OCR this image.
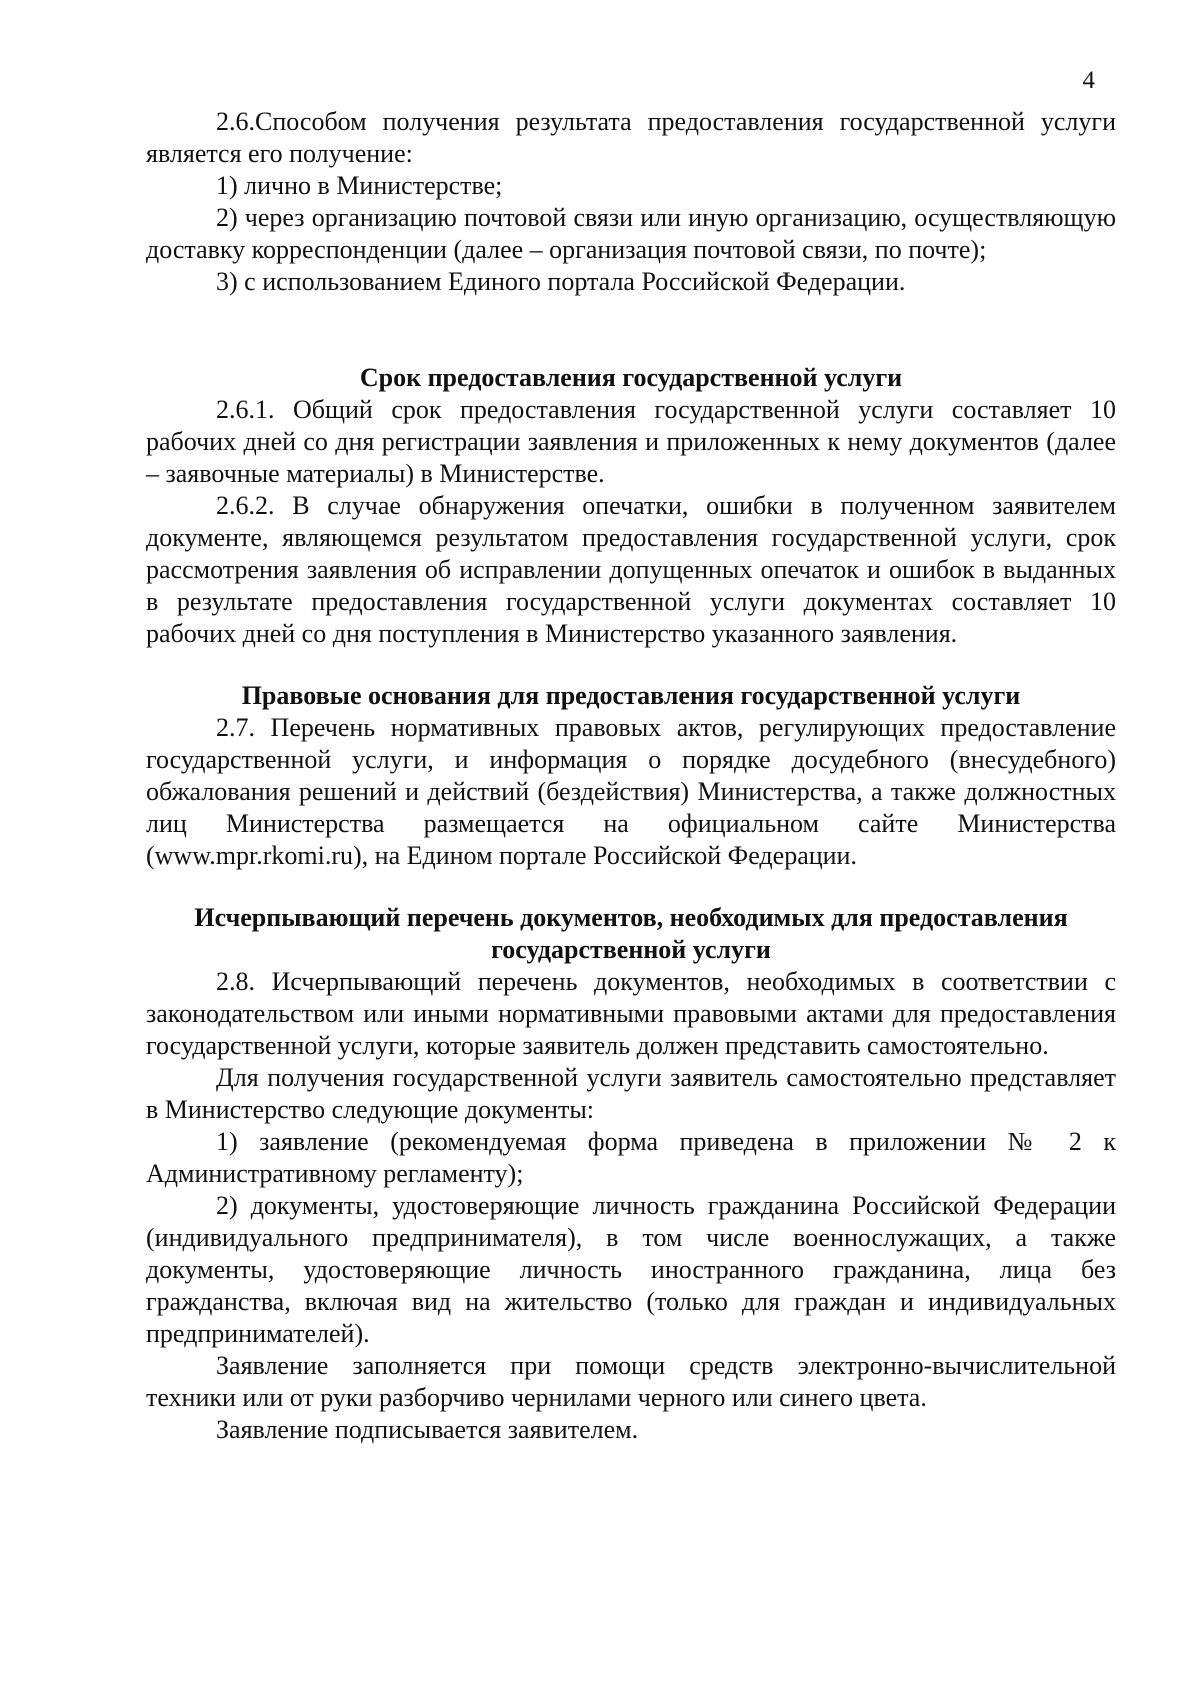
4

2.6.Способом получения результата предоставления государственной услуги является его получение:

1) лично в Министерстве;

2) через организацию почтовой связи или иную организацию, осуществляющую доставку корреспонденции (далее – организация почтовой связи, по почте);

3) с использованием Единого портала Российской Федерации.

Срок предоставления государственной услуги

2.6.1. Общий срок предоставления государственной услуги составляет 10 рабочих дней со дня регистрации заявления и приложенных к нему документов (далее – заявочные материалы) в Министерстве.

2.6.2. В случае обнаружения опечатки, ошибки в полученном заявителем документе, являющемся результатом предоставления государственной услуги, срок рассмотрения заявления об исправлении допущенных опечаток и ошибок в выданных в результате предоставления государственной услуги документах составляет 10 рабочих дней со дня поступления в Министерство указанного заявления.

Правовые основания для предоставления государственной услуги

2.7. Перечень нормативных правовых актов, регулирующих предоставление государственной услуги, и информация о порядке досудебного (внесудебного) обжалования решений и действий (бездействия) Министерства, а также должностных лиц Министерства размещается на официальном сайте Министерства (www.mpr.rkomi.ru), на Едином портале Российской Федерации.

Исчерпывающий перечень документов, необходимых для предоставления
государственной услуги

2.8. Исчерпывающий перечень документов, необходимых в соответствии с законодательством или иными нормативными правовыми актами для предоставления государственной услуги, которые заявитель должен представить самостоятельно.

Для получения государственной услуги заявитель самостоятельно представляет в Министерство следующие документы:

1) заявление (рекомендуемая форма приведена в приложении № 2 к Административному регламенту);

2) документы, удостоверяющие личность гражданина Российской Федерации (индивидуального предпринимателя), в том числе военнослужащих, а также документы, удостоверяющие личность иностранного гражданина, лица без гражданства, включая вид на жительство (только для граждан и индивидуальных предпринимателей).

Заявление заполняется при помощи средств электронно-вычислительной техники или от руки разборчиво чернилами черного или синего цвета.

Заявление подписывается заявителем.
